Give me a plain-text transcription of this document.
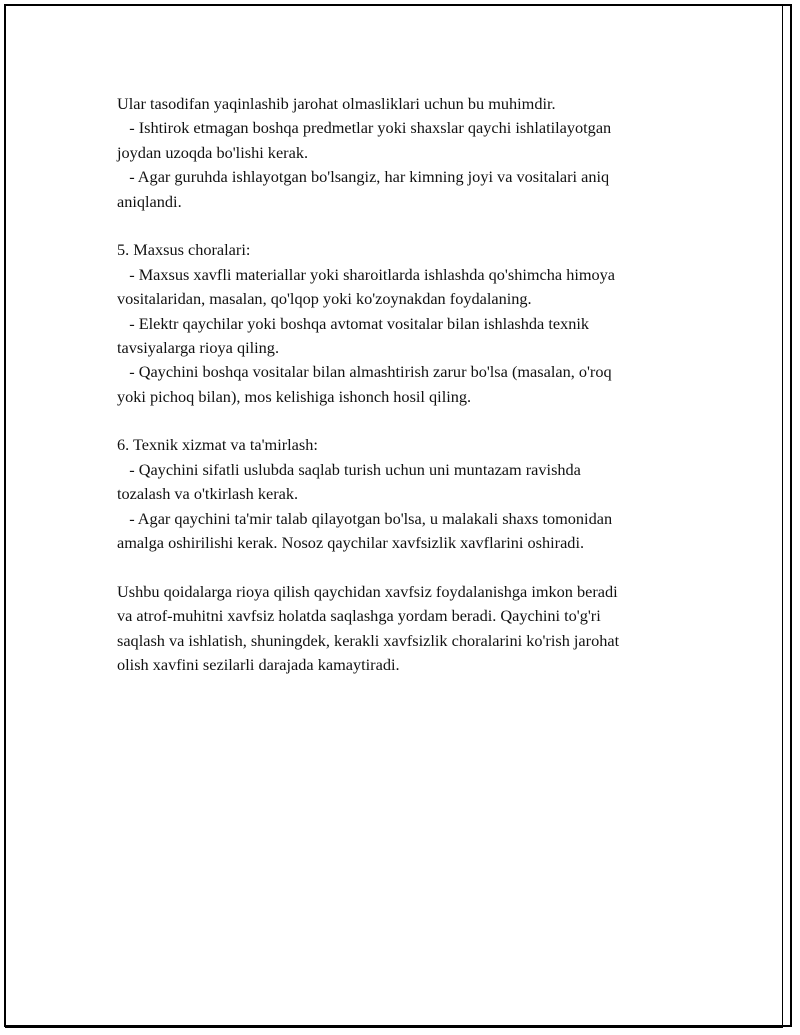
Ular tasodifan yaqinlashib jarohat olmasliklari uchun bu muhimdir.
- Ishtirok etmagan boshqa predmetlar yoki shaxslar qaychi ishlatilayotgan
joydan uzoqda bo'lishi kerak.
- Agar guruhda ishlayotgan bo'lsangiz, har kimning joyi va vositalari aniq
aniqlandi.
5. Maxsus choralari:
- Maxsus xavfli materiallar yoki sharoitlarda ishlashda qo'shimcha himoya
vositalaridan, masalan, qo'lqop yoki ko'zoynakdan foydalaning.
- Elektr qaychilar yoki boshqa avtomat vositalar bilan ishlashda texnik
tavsiyalarga rioya qiling.
- Qaychini boshqa vositalar bilan almashtirish zarur bo'lsa (masalan, o'roq
yoki pichoq bilan), mos kelishiga ishonch hosil qiling.
6. Texnik xizmat va ta'mirlash:
- Qaychini sifatli uslubda saqlab turish uchun uni muntazam ravishda
tozalash va o'tkirlash kerak.
- Agar qaychini ta'mir talab qilayotgan bo'lsa, u malakali shaxs tomonidan
amalga oshirilishi kerak. Nosoz qaychilar xavfsizlik xavflarini oshiradi.
Ushbu qoidalarga rioya qilish qaychidan xavfsiz foydalanishga imkon beradi
va atrof-muhitni xavfsiz holatda saqlashga yordam beradi. Qaychini to'g'ri
saqlash va ishlatish, shuningdek, kerakli xavfsizlik choralarini ko'rish jarohat
olish xavfini sezilarli darajada kamaytiradi.
